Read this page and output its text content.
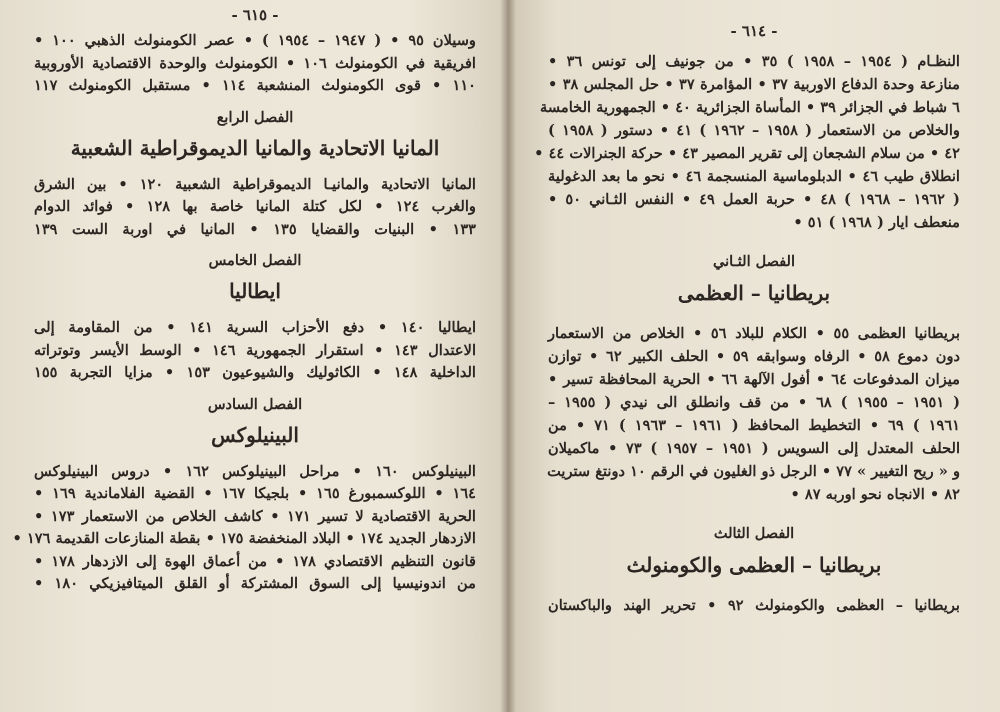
- ٦١٥ -
وسيلان ٩٥ • ( ١٩٤٧ – ١٩٥٤ ) • عصر الكومنولث الذهبي ١٠٠ •
افريقية في الكومنولث ١٠٦ • الكومنولث والوحدة الاقتصادية الأوروبية
١١٠ • قوى الكومنولث المنشعبة ١١٤ • مستقبل الكومنولث ١١٧
الفصل الرابع
المانيا الاتحادية والمانيا الديموقراطية الشعبية
المانيا الاتحادية والمانيـا الديموقراطية الشعبية ١٢٠ • بين الشرق
والغرب ١٢٤ • لكل كتلة المانيا خاصة بها ١٢٨ • فوائد الدوام
١٣٣ • البنيات والقضايا ١٣٥ • المانيا في اوربة الست ١٣٩
الفصل الخامس
ايطاليا
ايطاليا ١٤٠ • دفع الأحزاب السرية ١٤١ • من المقاومة إلى
الاعتدال ١٤٣ • استقرار الجمهورية ١٤٦ • الوسط الأيسر وتوتراته
الداخلية ١٤٨ • الكاثوليك والشيوعيون ١٥٣ • مزايا التجربة ١٥٥
الفصل السادس
البينيلوكس
البينيلوكس ١٦٠ • مراحل البينيلوكس ١٦٢ • دروس البينيلوكس
١٦٤ • اللوكسمبورغ ١٦٥ • بلجيكا ١٦٧ • القضية الفلاماندية ١٦٩ •
الحرية الاقتصادية لا تسير ١٧١ • كاشف الخلاص من الاستعمار ١٧٣ •
الازدهار الجديد ١٧٤ • البلاد المنخفضة ١٧٥ • بقطة المنازعات القديمة ١٧٦ •
قانون التنظيم الاقتصادي ١٧٨ • من أعماق الهوة إلى الازدهار ١٧٨ •
من اندونيسيا إلى السوق المشتركة أو القلق الميتافيزيكي ١٨٠ •
- ٦١٤ -
النظـام ( ١٩٥٤ – ١٩٥٨ ) ٣٥ • من جونيف إلى تونس ٣٦ •
منازعة وحدة الدفاع الاوربية ٣٧ • المؤامرة ٣٧ • حل المجلس ٣٨ •
٦ شباط في الجزائر ٣٩ • المأساة الجزائرية ٤٠ • الجمهورية الخامسة
والخلاص من الاستعمار ( ١٩٥٨ – ١٩٦٢ ) ٤١ • دستور ( ١٩٥٨ )
٤٢ • من سلام الشجعان إلى تقرير المصير ٤٣ • حركة الجنرالات ٤٤ •
انطلاق طيب ٤٦ • الدبلوماسية المنسجمة ٤٦ • نحو ما بعد الدغولية
( ١٩٦٢ – ١٩٦٨ ) ٤٨ • حربة العمل ٤٩ • النفس الثـاني ٥٠ •
منعطف ايار ( ١٩٦٨ ) ٥١ •
الفصل الثـاني
بريطانيا – العظمى
بريطانيا العظمى ٥٥ • الكلام للبلاد ٥٦ • الخلاص من الاستعمار
دون دموع ٥٨ • الرفاه وسوابقه ٥٩ • الحلف الكبير ٦٢ • توازن
ميزان المدفوعات ٦٤ • أفول الآلهة ٦٦ • الحرية المحافظة تسير •
( ١٩٥١ – ١٩٥٥ ) ٦٨ • من قف وانطلق الى نيدي ( ١٩٥٥ –
١٩٦١ ) ٦٩ • التخطيط المحافظ ( ١٩٦١ – ١٩٦٣ ) ٧١ • من
الحلف المعتدل إلى السويس ( ١٩٥١ – ١٩٥٧ ) ٧٣ • ماكميلان
و « ريح التغيير » ٧٧ • الرجل ذو الغليون في الرقم ١٠ دونتغ ستريت
٨٢ • الانجاه نحو اوربه ٨٧ •
الفصل الثالث
بريطانيا – العظمى والكومنولث
بريطانيا – العظمى والكومنولث ٩٢ • تحرير الهند والباكستان
